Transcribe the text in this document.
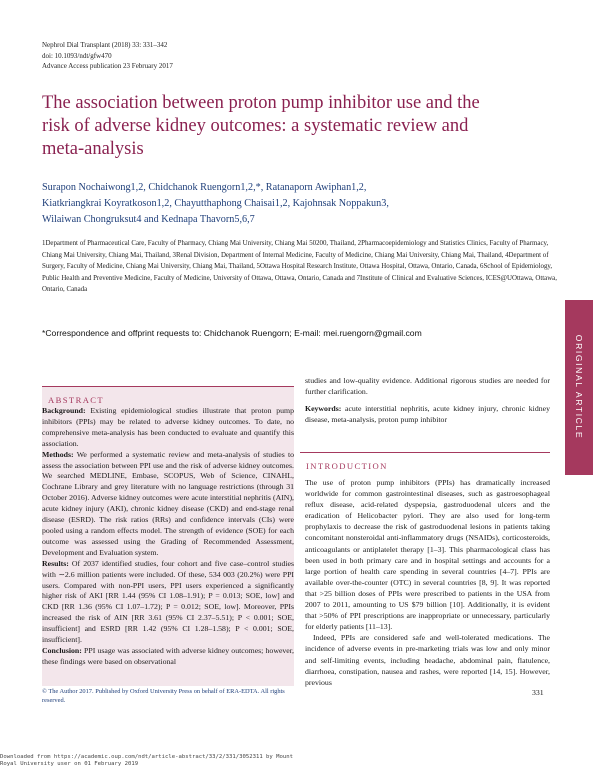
Nephrol Dial Transplant (2018) 33: 331–342
doi: 10.1093/ndt/gfw470
Advance Access publication 23 February 2017
The association between proton pump inhibitor use and the risk of adverse kidney outcomes: a systematic review and meta-analysis
Surapon Nochaiwong1,2, Chidchanok Ruengorn1,2,*, Ratanaporn Awiphan1,2,
Kiatkriangkrai Koyratkoson1,2, Chayutthaphong Chaisai1,2, Kajohnsak Noppakun3,
Wilaiwan Chongruksut4 and Kednapa Thavorn5,6,7
1Department of Pharmaceutical Care, Faculty of Pharmacy, Chiang Mai University, Chiang Mai 50200, Thailand, 2Pharmacoepidemiology and Statistics Clinics, Faculty of Pharmacy, Chiang Mai University, Chiang Mai, Thailand, 3Renal Division, Department of Internal Medicine, Faculty of Medicine, Chiang Mai University, Chiang Mai, Thailand, 4Department of Surgery, Faculty of Medicine, Chiang Mai University, Chiang Mai, Thailand, 5Ottawa Hospital Research Institute, Ottawa Hospital, Ottawa, Ontario, Canada, 6School of Epidemiology, Public Health and Preventive Medicine, Faculty of Medicine, University of Ottawa, Ottawa, Ontario, Canada and 7Institute of Clinical and Evaluative Sciences, ICES@UOttawa, Ottawa, Ontario, Canada
*Correspondence and offprint requests to: Chidchanok Ruengorn; E-mail: mei.ruengorn@gmail.com
ORIGINAL ARTICLE
ABSTRACT

Background: Existing epidemiological studies illustrate that proton pump inhibitors (PPIs) may be related to adverse kidney outcomes. To date, no comprehensive meta-analysis has been conducted to evaluate and quantify this association.

Methods: We performed a systematic review and meta-analysis of studies to assess the association between PPI use and the risk of adverse kidney outcomes. We searched MEDLINE, Embase, SCOPUS, Web of Science, CINAHL, Cochrane Library and grey literature with no language restrictions (through 31 October 2016). Adverse kidney outcomes were acute interstitial nephritis (AIN), acute kidney injury (AKI), chronic kidney disease (CKD) and end-stage renal disease (ESRD). The risk ratios (RRs) and confidence intervals (CIs) were pooled using a random effects model. The strength of evidence (SOE) for each outcome was assessed using the Grading of Recommended Assessment, Development and Evaluation system.

Results: Of 2037 identified studies, four cohort and five case–control studies with ∼2.6 million patients were included. Of these, 534 003 (20.2%) were PPI users. Compared with non-PPI users, PPI users experienced a significantly higher risk of AKI [RR 1.44 (95% CI 1.08–1.91); P = 0.013; SOE, low] and CKD [RR 1.36 (95% CI 1.07–1.72); P = 0.012; SOE, low]. Moreover, PPIs increased the risk of AIN [RR 3.61 (95% CI 2.37–5.51); P < 0.001; SOE, insufficient] and ESRD [RR 1.42 (95% CI 1.28–1.58); P < 0.001; SOE, insufficient].

Conclusion: PPI usage was associated with adverse kidney outcomes; however, these findings were based on observational

studies and low-quality evidence. Additional rigorous studies are needed for further clarification.

Keywords: acute interstitial nephritis, acute kidney injury, chronic kidney disease, meta-analysis, proton pump inhibitor

INTRODUCTION

The use of proton pump inhibitors (PPIs) has dramatically increased worldwide for common gastrointestinal diseases, such as gastroesophageal reflux disease, acid-related dyspepsia, gastroduodenal ulcers and the eradication of Helicobacter pylori. They are also used for long-term prophylaxis to decrease the risk of gastroduodenal lesions in patients taking concomitant nonsteroidal anti-inflammatory drugs (NSAIDs), corticosteroids, anticoagulants or antiplatelet therapy [1–3]. This pharmacological class has been used in both primary care and in hospital settings and accounts for a large portion of health care spending in several countries [4–7]. PPIs are available over-the-counter (OTC) in several countries [8, 9]. It was reported that >25 billion doses of PPIs were prescribed to patients in the USA from 2007 to 2011, amounting to US $79 billion [10]. Additionally, it is evident that >50% of PPI prescriptions are inappropriate or unnecessary, particularly for elderly patients [11–13].

Indeed, PPIs are considered safe and well-tolerated medications. The incidence of adverse events in pre-marketing trials was low and only minor and self-limiting events, including headache, abdominal pain, flatulence, diarrhoea, constipation, nausea and rashes, were reported [14, 15]. However, previous

© The Author 2017. Published by Oxford University Press on behalf of ERA-EDTA. All rights reserved.
331
Downloaded from https://academic.oup.com/ndt/article-abstract/33/2/331/3052311 by Mount Royal University user on 01 February 2019
